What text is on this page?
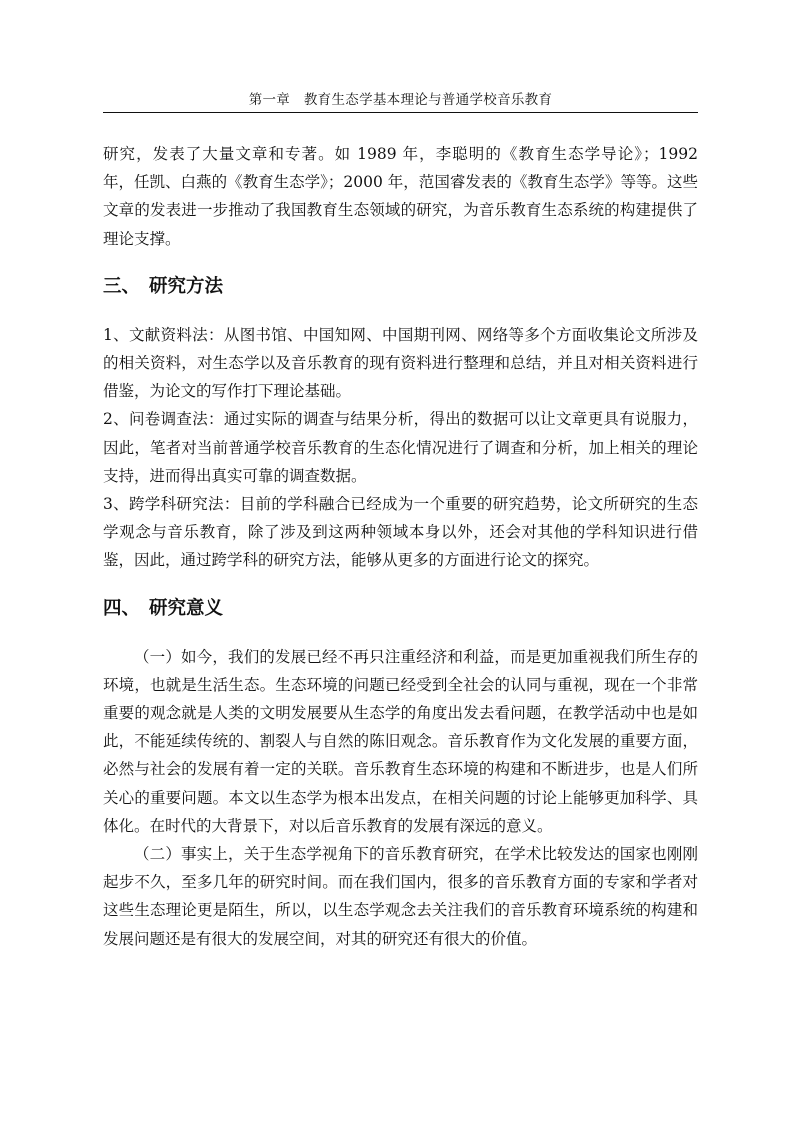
第一章　教育生态学基本理论与普通学校音乐教育

研究，发表了大量文章和专著。如 1989 年，李聪明的《教育生态学导论》；1992 年，任凯、白燕的《教育生态学》；2000 年，范国睿发表的《教育生态学》等等。这些文章的发表进一步推动了我国教育生态领域的研究，为音乐教育生态系统的构建提供了理论支撑。

三、 研究方法

1、文献资料法：从图书馆、中国知网、中国期刊网、网络等多个方面收集论文所涉及的相关资料，对生态学以及音乐教育的现有资料进行整理和总结，并且对相关资料进行借鉴，为论文的写作打下理论基础。

2、问卷调查法：通过实际的调查与结果分析，得出的数据可以让文章更具有说服力，因此，笔者对当前普通学校音乐教育的生态化情况进行了调查和分析，加上相关的理论支持，进而得出真实可靠的调查数据。

3、跨学科研究法：目前的学科融合已经成为一个重要的研究趋势，论文所研究的生态学观念与音乐教育，除了涉及到这两种领域本身以外，还会对其他的学科知识进行借鉴，因此，通过跨学科的研究方法，能够从更多的方面进行论文的探究。

四、 研究意义

（一）如今，我们的发展已经不再只注重经济和利益，而是更加重视我们所生存的环境，也就是生活生态。生态环境的问题已经受到全社会的认同与重视，现在一个非常重要的观念就是人类的文明发展要从生态学的角度出发去看问题，在教学活动中也是如此，不能延续传统的、割裂人与自然的陈旧观念。音乐教育作为文化发展的重要方面，必然与社会的发展有着一定的关联。音乐教育生态环境的构建和不断进步，也是人们所关心的重要问题。本文以生态学为根本出发点，在相关问题的讨论上能够更加科学、具体化。在时代的大背景下，对以后音乐教育的发展有深远的意义。

（二）事实上，关于生态学视角下的音乐教育研究，在学术比较发达的国家也刚刚起步不久，至多几年的研究时间。而在我们国内，很多的音乐教育方面的专家和学者对这些生态理论更是陌生，所以，以生态学观念去关注我们的音乐教育环境系统的构建和发展问题还是有很大的发展空间，对其的研究还有很大的价值。
